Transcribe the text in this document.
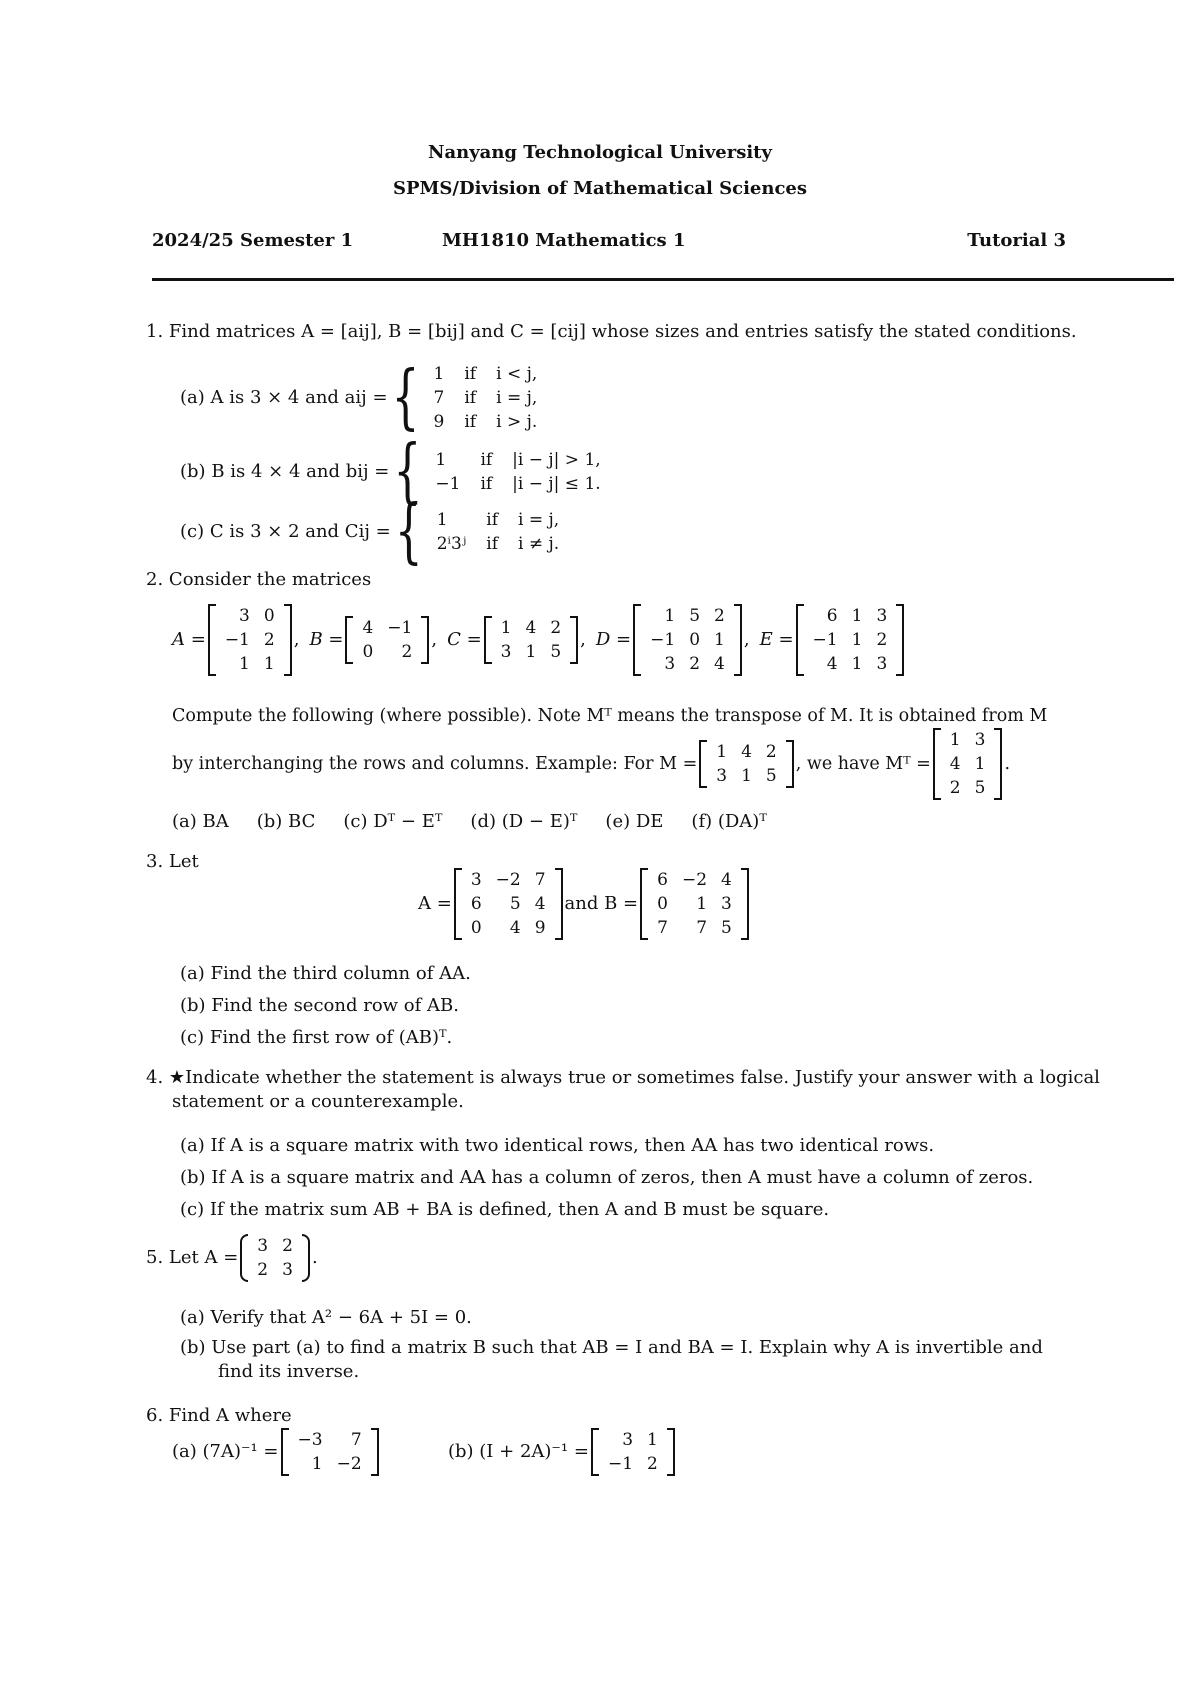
Nanyang Technological University
SPMS/Division of Mathematical Sciences
2024/25 Semester 1	MH1810 Mathematics 1	Tutorial 3
1. Find matrices A = [aij], B = [bij] and C = [cij] whose sizes and entries satisfy the stated conditions.
(a)
A is 3 × 4 and aij = { 1	if	i < j,
7	if	i = j,
9	if	i > j.
(b)
B is 4 × 4 and bij = { 1	if	|i − j| > 1,
−1	if	|i − j| ≤ 1.
(c)
C is 3 × 2 and Cij = { 1	if	i = j,
2ⁱ3ʲ	if	i ≠ j.
2. Consider the matrices
A =
3	0
−1	2
1	1
, B =
4	−1
0	2
, C =
1	4	2
3	1	5
, D =
1	5	2
−1	0	1
3	2	4
, E =
6	1	3
−1	1	2
4	1	3
Compute the following (where possible). Note Mᵀ means the transpose of M. It is obtained from M
by interchanging the rows and columns. Example: For M =
1	4	2
3	1	5
, we have Mᵀ =
1	3
4	1
2	5
.
(a) BA (b) BC (c) Dᵀ − Eᵀ (d) (D − E)ᵀ (e) DE (f) (DA)ᵀ
3. Let
A =
3	−2	7
6	5	4
0	4	9
and B =
6	−2	4
0	1	3
7	7	5
(a) Find the third column of AA.
(b) Find the second row of AB.
(c) Find the first row of (AB)ᵀ.
4. ★Indicate whether the statement is always true or sometimes false. Justify your answer with a logical
statement or a counterexample.
(a) If A is a square matrix with two identical rows, then AA has two identical rows.
(b) If A is a square matrix and AA has a column of zeros, then A must have a column of zeros.
(c) If the matrix sum AB + BA is defined, then A and B must be square.
5.
Let A =
3	2
2	3
.
(a) Verify that A² − 6A + 5I = 0.
(b) Use part (a) to find a matrix B such that AB = I and BA = I. Explain why A is invertible and
find its inverse.
6. Find A where
(a) (7A)⁻¹ =
−3	7
1	−2
(b) (I + 2A)⁻¹ =
3	1
−1	2
